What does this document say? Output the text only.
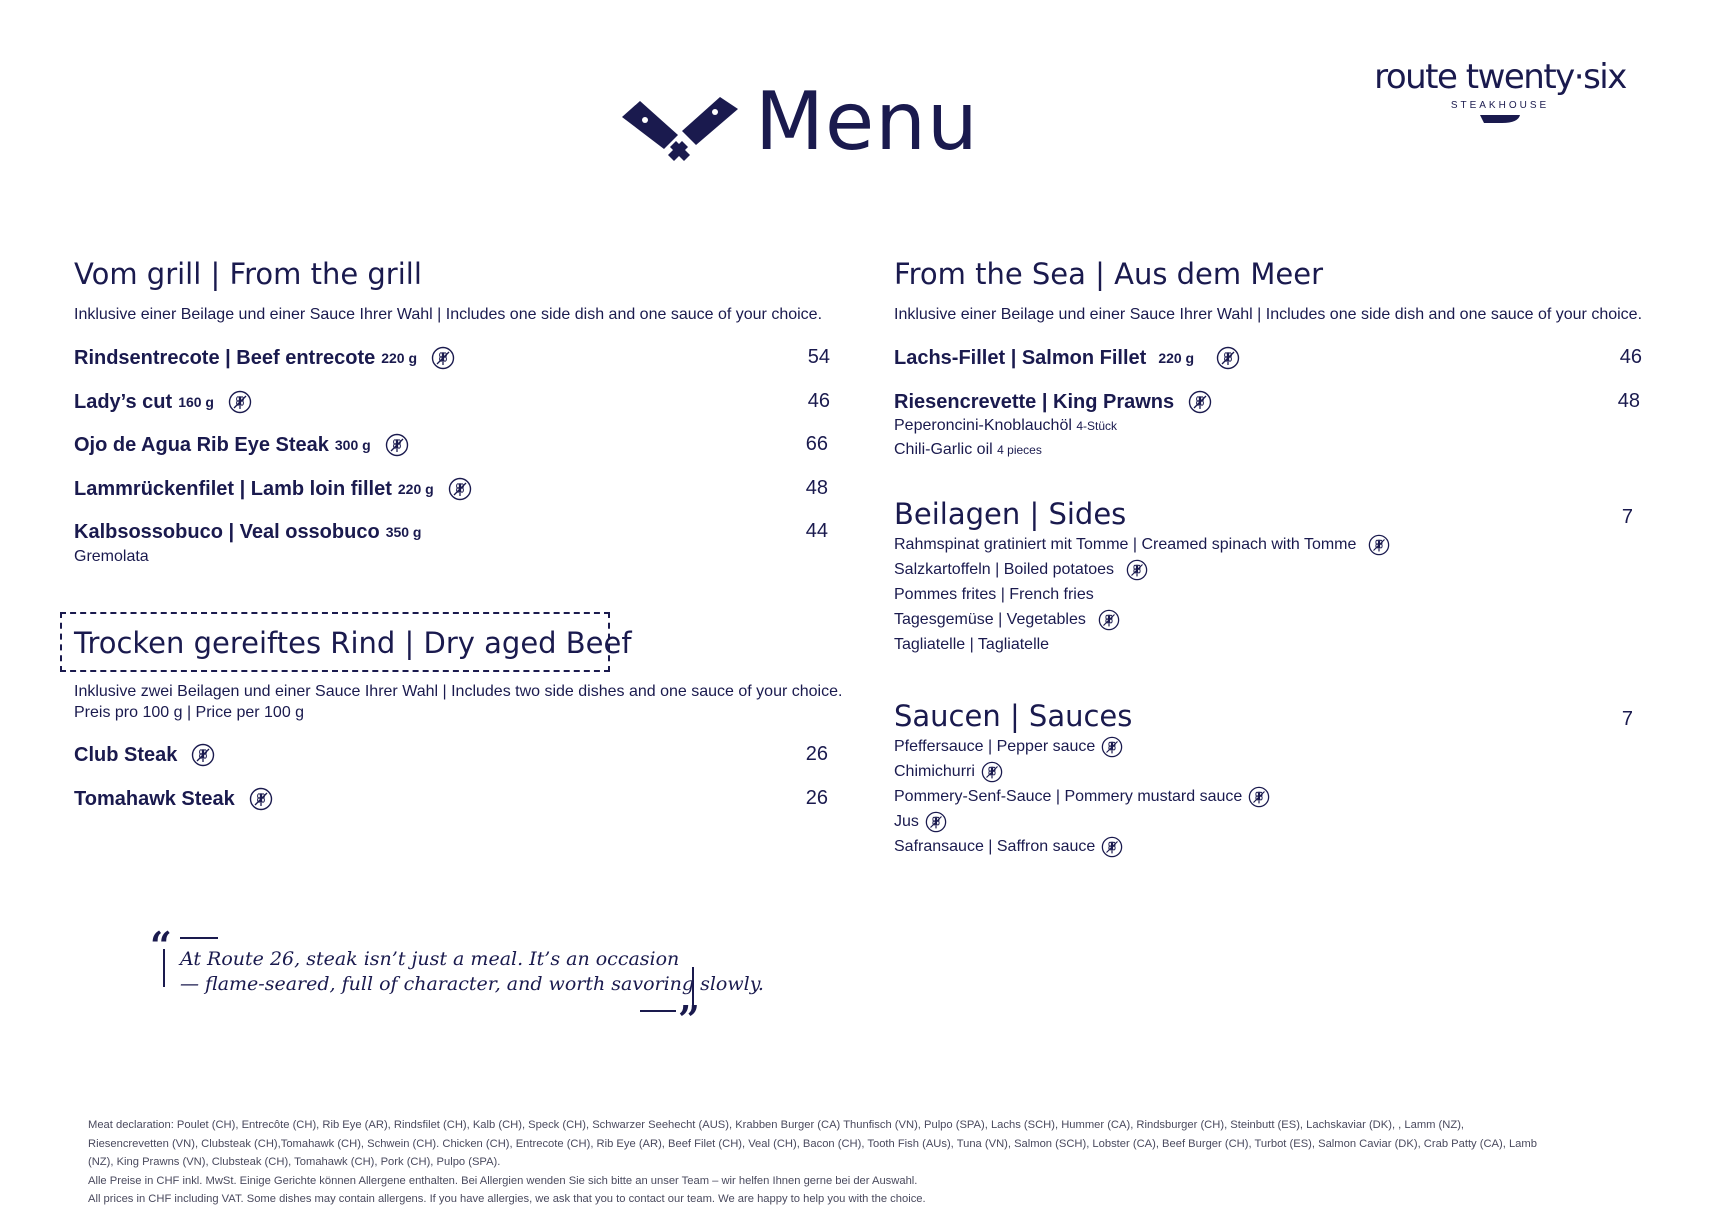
Menu	route twenty·six
STEAKHOUSE
Vom grill | From the grill
Inklusive einer Beilage und einer Sauce Ihrer Wahl | Includes one side dish and one sauce of your choice.
Rindsentrecote | Beef entrecote 220 g	54
Lady’s cut 160 g	46
Ojo de Agua Rib Eye Steak 300 g	66
Lammrückenfilet | Lamb loin fillet 220 g	48
Kalbsossobuco | Veal ossobuco 350 g	44
Gremolata
Trocken gereiftes Rind | Dry aged Beef
Inklusive zwei Beilagen und einer Sauce Ihrer Wahl | Includes two side dishes and one sauce of your choice.
Preis pro 100 g | Price per 100 g
Club Steak	26
Tomahawk Steak	26
From the Sea | Aus dem Meer
Inklusive einer Beilage und einer Sauce Ihrer Wahl | Includes one side dish and one sauce of your choice.
Lachs-Fillet | Salmon Fillet 220 g	46
Riesencrevette | King Prawns	48
Peperoncini-Knoblauchöl 4-Stück
Chili-Garlic oil 4 pieces
Beilagen | Sides	7
Rahmspinat gratiniert mit Tomme | Creamed spinach with Tomme
Salzkartoffeln | Boiled potatoes
Pommes frites | French fries
Tagesgemüse | Vegetables
Tagliatelle | Tagliatelle
Saucen | Sauces	7
Pfeffersauce | Pepper sauce
Chimichurri
Pommery-Senf-Sauce | Pommery mustard sauce
Jus
Safransauce | Saffron sauce
“
”
At Route 26, steak isn’t just a meal. It’s an occasion
— flame-seared, full of character, and worth savoring slowly.
Meat declaration: Poulet (CH), Entrecôte (CH), Rib Eye (AR), Rindsfilet (CH), Kalb (CH), Speck (CH), Schwarzer Seehecht (AUS), Krabben Burger (CA) Thunfisch (VN), Pulpo (SPA), Lachs (SCH), Hummer (CA), Rindsburger (CH), Steinbutt (ES), Lachskaviar (DK), , Lamm (NZ),
Riesencrevetten (VN), Clubsteak (CH),Tomahawk (CH), Schwein (CH). Chicken (CH), Entrecote (CH), Rib Eye (AR), Beef Filet (CH), Veal (CH), Bacon (CH), Tooth Fish (AUs), Tuna (VN), Salmon (SCH), Lobster (CA), Beef Burger (CH), Turbot (ES), Salmon Caviar (DK), Crab Patty (CA), Lamb
(NZ), King Prawns (VN), Clubsteak (CH), Tomahawk (CH), Pork (CH), Pulpo (SPA).
Alle Preise in CHF inkl. MwSt. Einige Gerichte können Allergene enthalten. Bei Allergien wenden Sie sich bitte an unser Team – wir helfen Ihnen gerne bei der Auswahl.
All prices in CHF including VAT. Some dishes may contain allergens. If you have allergies, we ask that you to contact our team. We are happy to help you with the choice.
